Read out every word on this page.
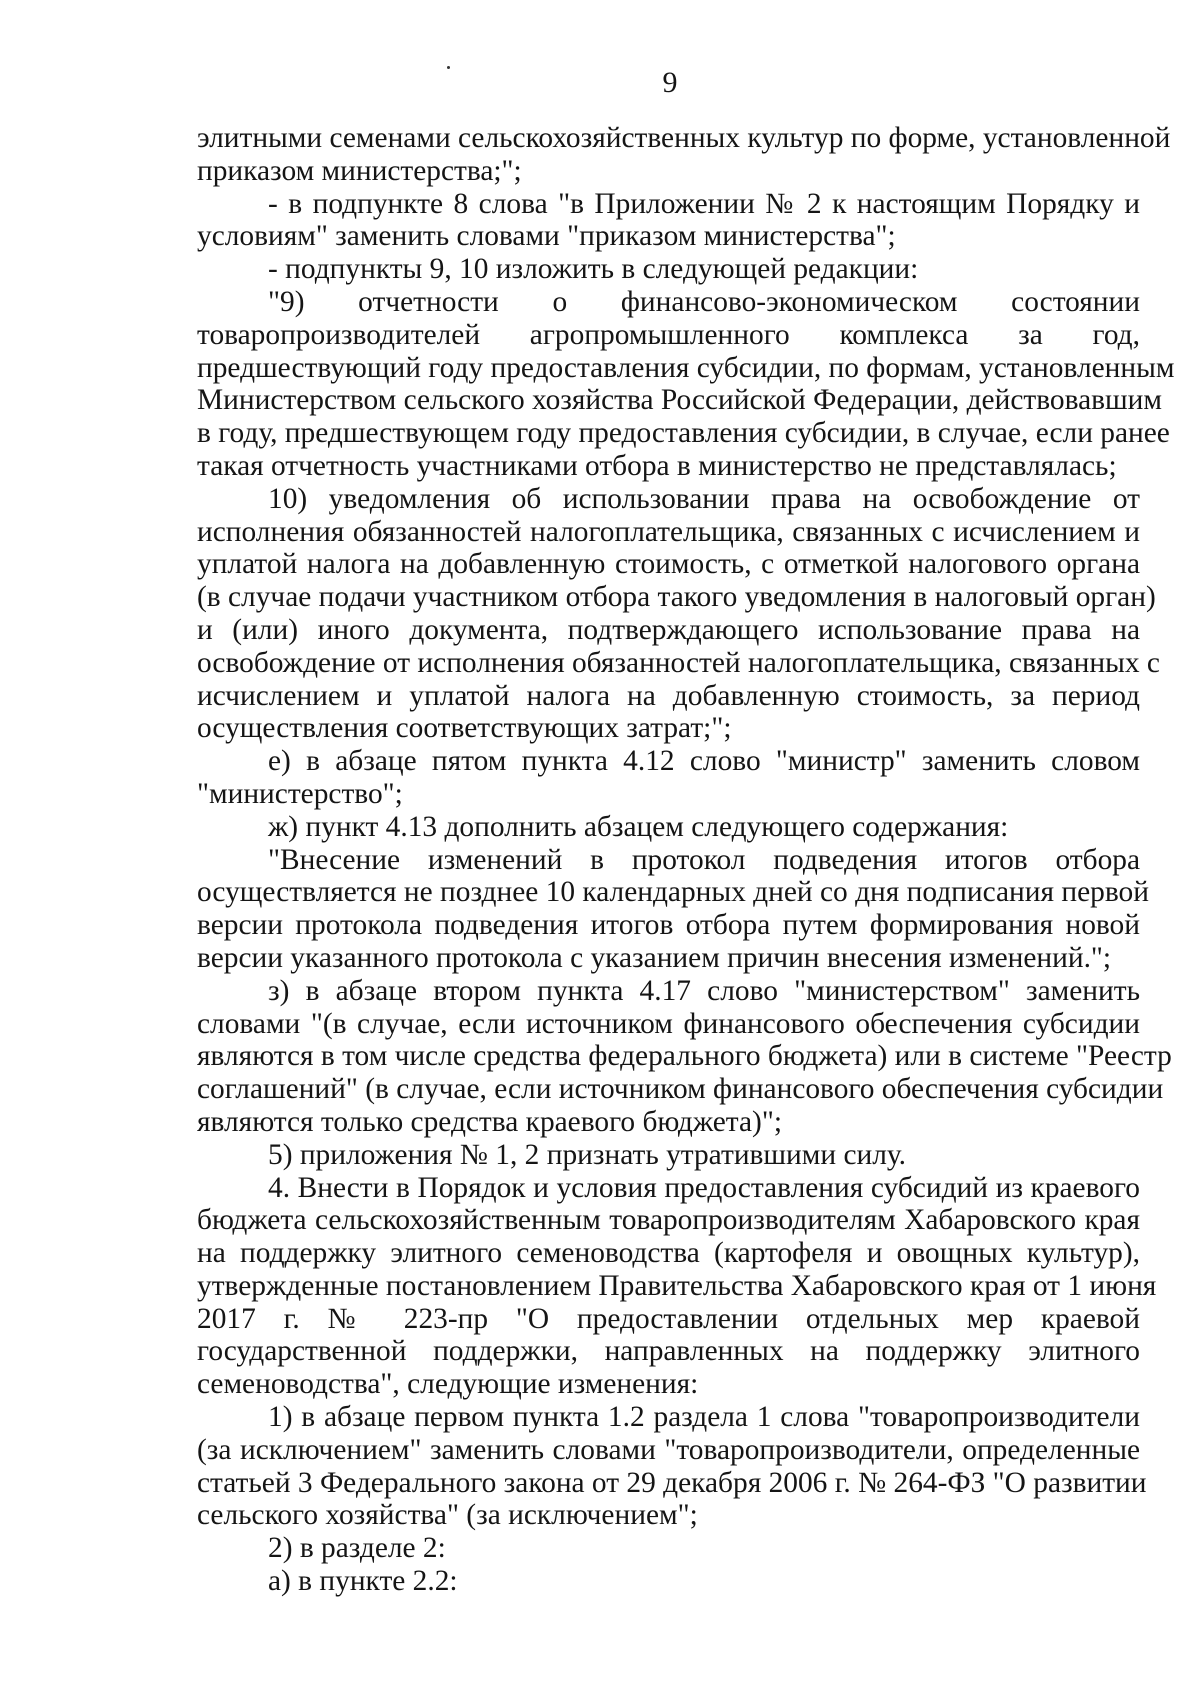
9
элитными семенами сельскохозяйственных культур по форме, установленной
приказом министерства;";
- в подпункте 8 слова "в Приложении № 2 к настоящим Порядку и
условиям" заменить словами "приказом министерства";
- подпункты 9, 10 изложить в следующей редакции:
"9) отчетности о финансово-экономическом состоянии
товаропроизводителей агропромышленного комплекса за год,
предшествующий году предоставления субсидии, по формам, установленным
Министерством сельского хозяйства Российской Федерации, действовавшим
в году, предшествующем году предоставления субсидии, в случае, если ранее
такая отчетность участниками отбора в министерство не представлялась;
10) уведомления об использовании права на освобождение от
исполнения обязанностей налогоплательщика, связанных с исчислением и
уплатой налога на добавленную стоимость, с отметкой налогового органа
(в случае подачи участником отбора такого уведомления в налоговый орган)
и (или) иного документа, подтверждающего использование права на
освобождение от исполнения обязанностей налогоплательщика, связанных с
исчислением и уплатой налога на добавленную стоимость, за период
осуществления соответствующих затрат;";
е) в абзаце пятом пункта 4.12 слово "министр" заменить словом
"министерство";
ж) пункт 4.13 дополнить абзацем следующего содержания:
"Внесение изменений в протокол подведения итогов отбора
осуществляется не позднее 10 календарных дней со дня подписания первой
версии протокола подведения итогов отбора путем формирования новой
версии указанного протокола с указанием причин внесения изменений.";
з) в абзаце втором пункта 4.17 слово "министерством" заменить
словами "(в случае, если источником финансового обеспечения субсидии
являются в том числе средства федерального бюджета) или в системе "Реестр
соглашений" (в случае, если источником финансового обеспечения субсидии
являются только средства краевого бюджета)";
5) приложения № 1, 2 признать утратившими силу.
4. Внести в Порядок и условия предоставления субсидий из краевого
бюджета сельскохозяйственным товаропроизводителям Хабаровского края
на поддержку элитного семеноводства (картофеля и овощных культур),
утвержденные постановлением Правительства Хабаровского края от 1 июня
2017 г. № 223-пр "О предоставлении отдельных мер краевой
государственной поддержки, направленных на поддержку элитного
семеноводства", следующие изменения:
1) в абзаце первом пункта 1.2 раздела 1 слова "товаропроизводители
(за исключением" заменить словами "товаропроизводители, определенные
статьей 3 Федерального закона от 29 декабря 2006 г. № 264-ФЗ "О развитии
сельского хозяйства" (за исключением";
2) в разделе 2:
а) в пункте 2.2:
